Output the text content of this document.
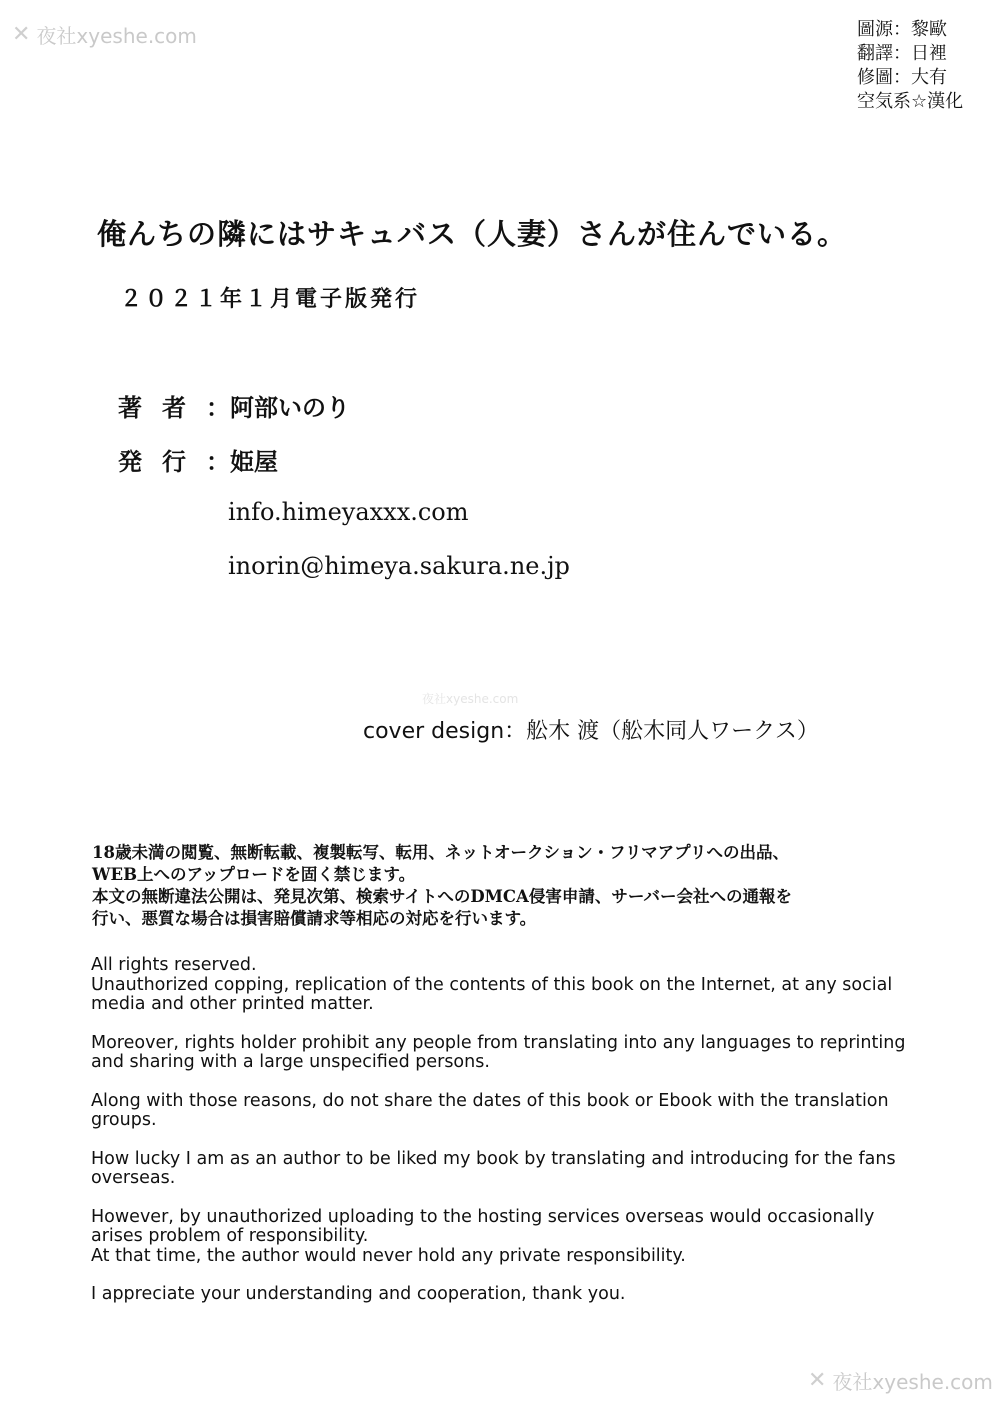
✕ 夜社xyeshe.com
夜社xyeshe.com
✕ 夜社xyeshe.com
圖源：黎歐
翻譯：日裡
修圖：大有
空気系☆漢化
俺んちの隣にはサキュバス（人妻）さんが住んでいる。
２０２１年１月電子版発行
著者 ：阿部いのり
発行 ：姫屋
info.himeyaxxx.com
inorin@himeya.sakura.ne.jp
cover design：舩木 渡（舩木同人ワークス）
18歳未満の閲覧、無断転載、複製転写、転用、ネットオークション・フリマアプリへの出品、
WEB上へのアップロードを固く禁じます。
本文の無断違法公開は、発見次第、検索サイトへのDMCA侵害申請、サーバー会社への通報を
行い、悪質な場合は損害賠償請求等相応の対応を行います。

All rights reserved.
Unauthorized copping, replication of the contents of this book on the Internet, at any social media and other printed matter.

Moreover, rights holder prohibit any people from translating into any languages to reprinting and sharing with a large unspecified persons.

Along with those reasons, do not share the dates of this book or Ebook with the translation groups.

How lucky I am as an author to be liked my book by translating and introducing for the fans overseas.

However, by unauthorized uploading to the hosting services overseas would occasionally arises problem of responsibility.
At that time, the author would never hold any private responsibility.

I appreciate your understanding and cooperation, thank you.
